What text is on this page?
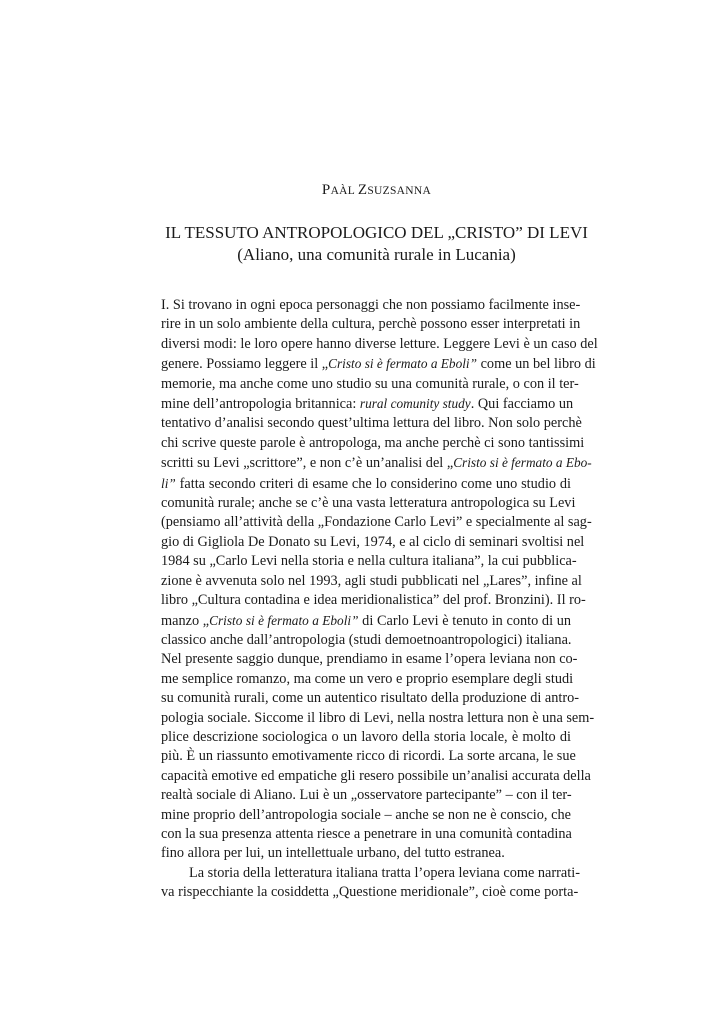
PAÀL ZSUZSANNA
IL TESSUTO ANTROPOLOGICO DEL „CRISTO” DI LEVI
(Aliano, una comunità rurale in Lucania)
I. Si trovano in ogni epoca personaggi che non possiamo facilmente inse-
rire in un solo ambiente della cultura, perchè possono esser interpretati in
diversi modi: le loro opere hanno diverse letture. Leggere Levi è un caso del
genere. Possiamo leggere il „Cristo si è fermato a Eboli” come un bel libro di
memorie, ma anche come uno studio su una comunità rurale, o con il ter-
mine dell’antropologia britannica: rural comunity study. Qui facciamo un
tentativo d’analisi secondo quest’ultima lettura del libro. Non solo perchè
chi scrive queste parole è antropologa, ma anche perchè ci sono tantissimi
scritti su Levi „scrittore”, e non c’è un’analisi del „Cristo si è fermato a Ebo-
li” fatta secondo criteri di esame che lo considerino come uno studio di
comunità rurale; anche se c’è una vasta letteratura antropologica su Levi
(pensiamo all’attività della „Fondazione Carlo Levi” e specialmente al sag-
gio di Gigliola De Donato su Levi, 1974, e al ciclo di seminari svoltisi nel
1984 su „Carlo Levi nella storia e nella cultura italiana”, la cui pubblica-
zione è avvenuta solo nel 1993, agli studi pubblicati nel „Lares”, infine al
libro „Cultura contadina e idea meridionalistica” del prof. Bronzini). Il ro-
manzo „Cristo si è fermato a Eboli” di Carlo Levi è tenuto in conto di un
classico anche dall’antropologia (studi demoetnoantropologici) italiana.
Nel presente saggio dunque, prendiamo in esame l’opera leviana non co-
me semplice romanzo, ma come un vero e proprio esemplare degli studi
su comunità rurali, come un autentico risultato della produzione di antro-
pologia sociale. Siccome il libro di Levi, nella nostra lettura non è una sem-
plice descrizione sociologica o un lavoro della storia locale, è molto di
più. È un riassunto emotivamente ricco di ricordi. La sorte arcana, le sue
capacità emotive ed empatiche gli resero possibile un’analisi accurata della
realtà sociale di Aliano. Lui è un „osservatore partecipante” – con il ter-
mine proprio dell’antropologia sociale – anche se non ne è conscio, che
con la sua presenza attenta riesce a penetrare in una comunità contadina
fino allora per lui, un intellettuale urbano, del tutto estranea.
La storia della letteratura italiana tratta l’opera leviana come narrati-
va rispecchiante la cosiddetta „Questione meridionale”, cioè come porta-
